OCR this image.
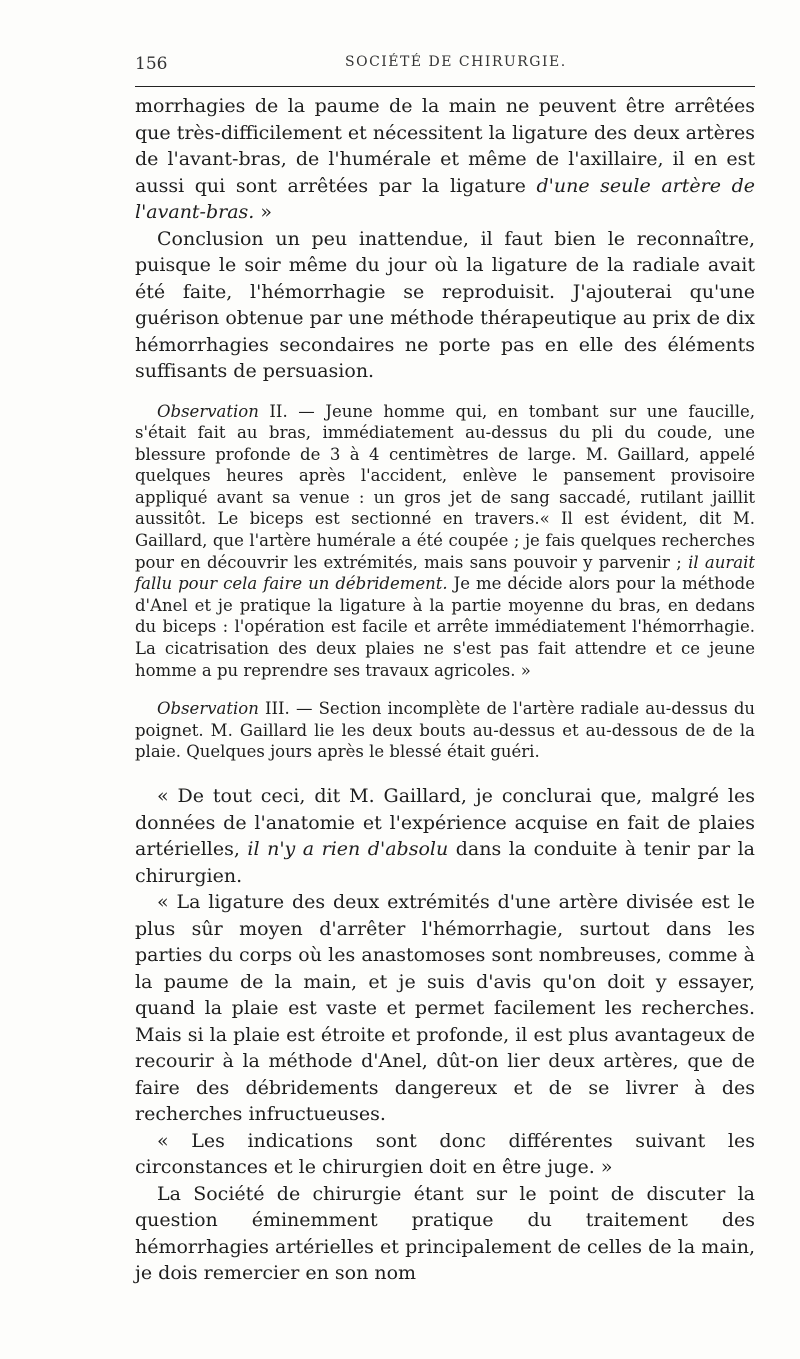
156	SOCIÉTÉ DE CHIRURGIE.

morrhagies de la paume de la main ne peuvent être arrêtées que très-difficilement et nécessitent la ligature des deux artères de l'avant-bras, de l'humérale et même de l'axillaire, il en est aussi qui sont arrêtées par la ligature d'une seule artère de l'avant-bras. »

Conclusion un peu inattendue, il faut bien le reconnaître, puisque le soir même du jour où la ligature de la radiale avait été faite, l'hémorrhagie se reproduisit. J'ajouterai qu'une guérison obtenue par une méthode thérapeutique au prix de dix hémorrhagies secondaires ne porte pas en elle des éléments suffisants de persuasion.

Observation II. — Jeune homme qui, en tombant sur une faucille, s'était fait au bras, immédiatement au-dessus du pli du coude, une blessure profonde de 3 à 4 centimètres de large. M. Gaillard, appelé quelques heures après l'accident, enlève le pansement provisoire appliqué avant sa venue : un gros jet de sang saccadé, rutilant jaillit aussitôt. Le biceps est sectionné en travers.« Il est évident, dit M. Gaillard, que l'artère humérale a été coupée ; je fais quelques recherches pour en découvrir les extrémités, mais sans pouvoir y parvenir ; il aurait fallu pour cela faire un débridement. Je me décide alors pour la méthode d'Anel et je pratique la ligature à la partie moyenne du bras, en dedans du biceps : l'opération est facile et arrête immédiatement l'hémorrhagie. La cicatrisation des deux plaies ne s'est pas fait attendre et ce jeune homme a pu reprendre ses travaux agricoles. »

Observation III. — Section incomplète de l'artère radiale au-dessus du poignet. M. Gaillard lie les deux bouts au-dessus et au-dessous de de la plaie. Quelques jours après le blessé était guéri.

« De tout ceci, dit M. Gaillard, je conclurai que, malgré les données de l'anatomie et l'expérience acquise en fait de plaies artérielles, il n'y a rien d'absolu dans la conduite à tenir par la chirurgien.

« La ligature des deux extrémités d'une artère divisée est le plus sûr moyen d'arrêter l'hémorrhagie, surtout dans les parties du corps où les anastomoses sont nombreuses, comme à la paume de la main, et je suis d'avis qu'on doit y essayer, quand la plaie est vaste et permet facilement les recherches. Mais si la plaie est étroite et profonde, il est plus avantageux de recourir à la méthode d'Anel, dût-on lier deux artères, que de faire des débridements dangereux et de se livrer à des recherches infructueuses.

« Les indications sont donc différentes suivant les circonstances et le chirurgien doit en être juge. »

La Société de chirurgie étant sur le point de discuter la question éminemment pratique du traitement des hémorrhagies artérielles et principalement de celles de la main, je dois remercier en son nom
